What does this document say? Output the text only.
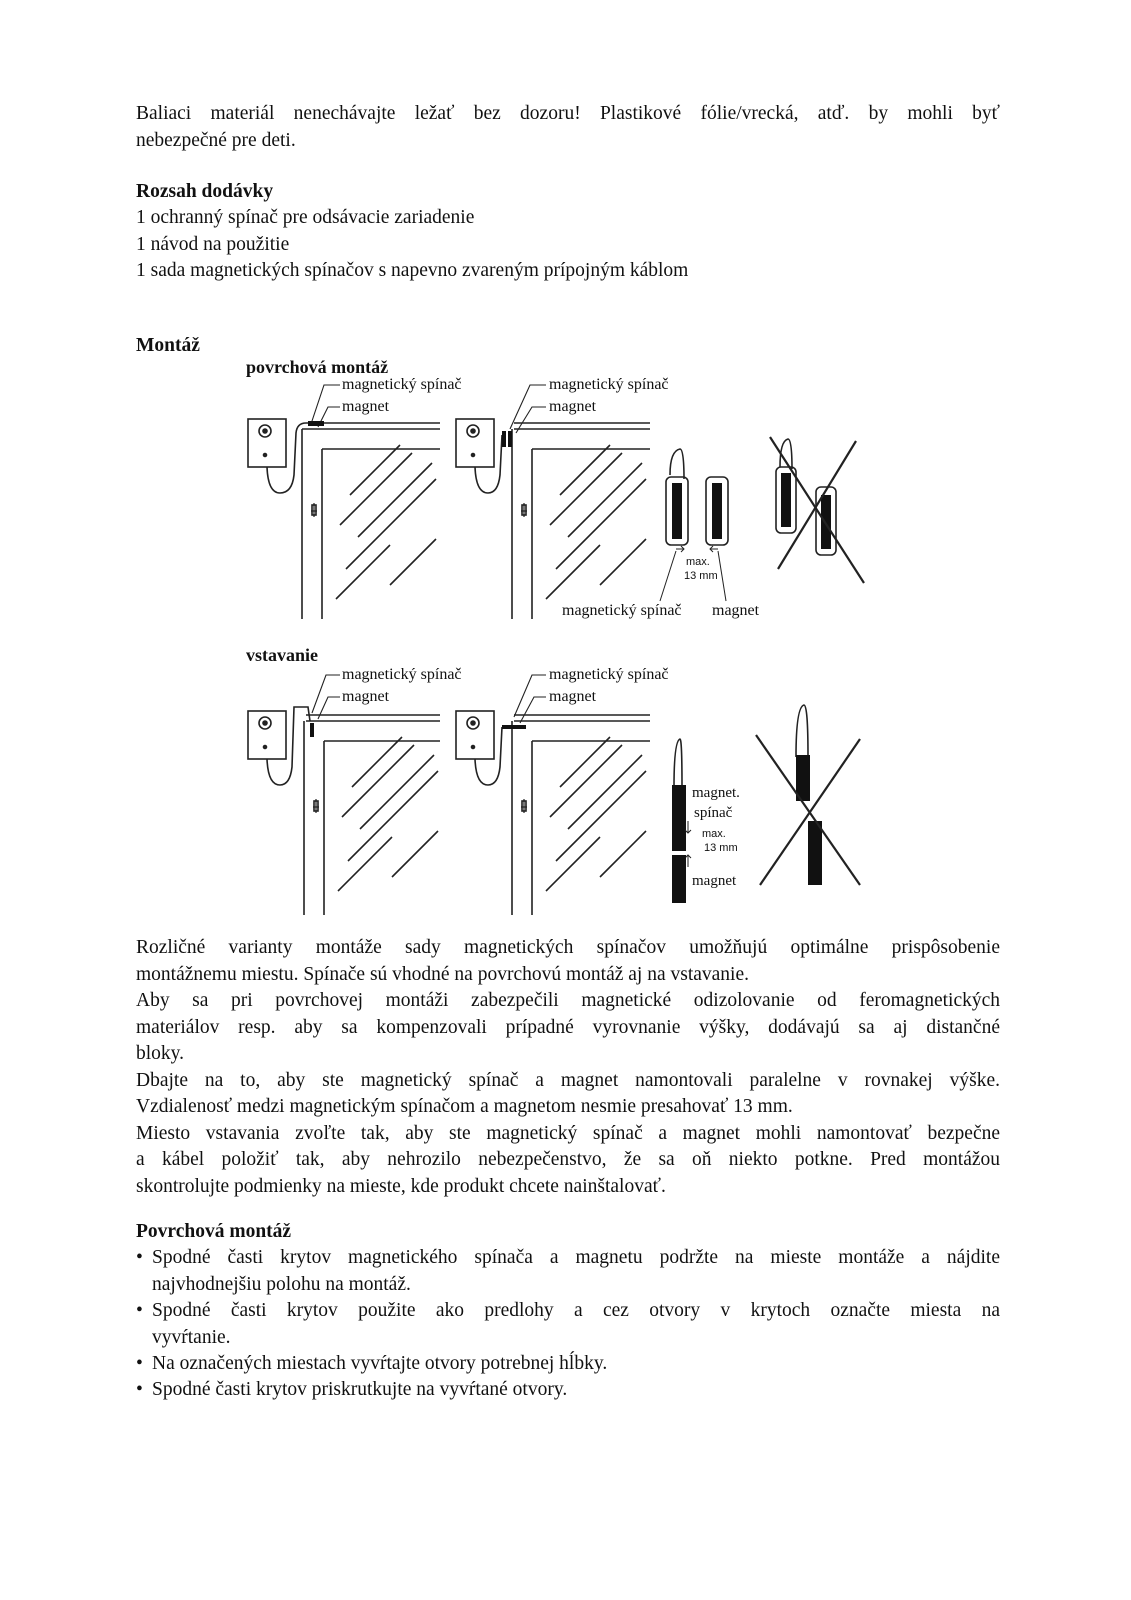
Baliaci materiál nenechávajte ležať bez dozoru! Plastikové fólie/vrecká, atď. by mohli byť
nebezpečné pre deti.

Rozsah dodávky

1 ochranný spínač pre odsávacie zariadenie
1 návod na použitie
1 sada magnetických spínačov s napevno zvareným prípojným káblom

Montáž

povrchová montáž
magnetický spínač
magnet
magnetický spínač
magnet
max.
13 mm
magnetický spínač magnet
vstavanie
magnetický spínač
magnet
magnetický spínač
magnet
magnet.
spínač
max.
13 mm
magnet

Rozličné varianty montáže sady magnetických spínačov umožňujú optimálne prispôsobenie
montážnemu miestu. Spínače sú vhodné na povrchovú montáž aj na vstavanie.
Aby sa pri povrchovej montáži zabezpečili magnetické odizolovanie od feromagnetických
materiálov resp. aby sa kompenzovali prípadné vyrovnanie výšky, dodávajú sa aj distančné
bloky.
Dbajte na to, aby ste magnetický spínač a magnet namontovali paralelne v rovnakej výške.
Vzdialenosť medzi magnetickým spínačom a magnetom nesmie presahovať 13 mm.
Miesto vstavania zvoľte tak, aby ste magnetický spínač a magnet mohli namontovať bezpečne
a kábel položiť tak, aby nehrozilo nebezpečenstvo, že sa oň niekto potkne. Pred montážou
skontrolujte podmienky na mieste, kde produkt chcete nainštalovať.

Povrchová montáž

• Spodné časti krytov magnetického spínača a magnetu podržte na mieste montáže a nájdite
najvhodnejšiu polohu na montáž.
• Spodné časti krytov použite ako predlohy a cez otvory v krytoch označte miesta na
vyvŕtanie.
• Na označených miestach vyvŕtajte otvory potrebnej hĺbky.
• Spodné časti krytov priskrutkujte na vyvŕtané otvory.
